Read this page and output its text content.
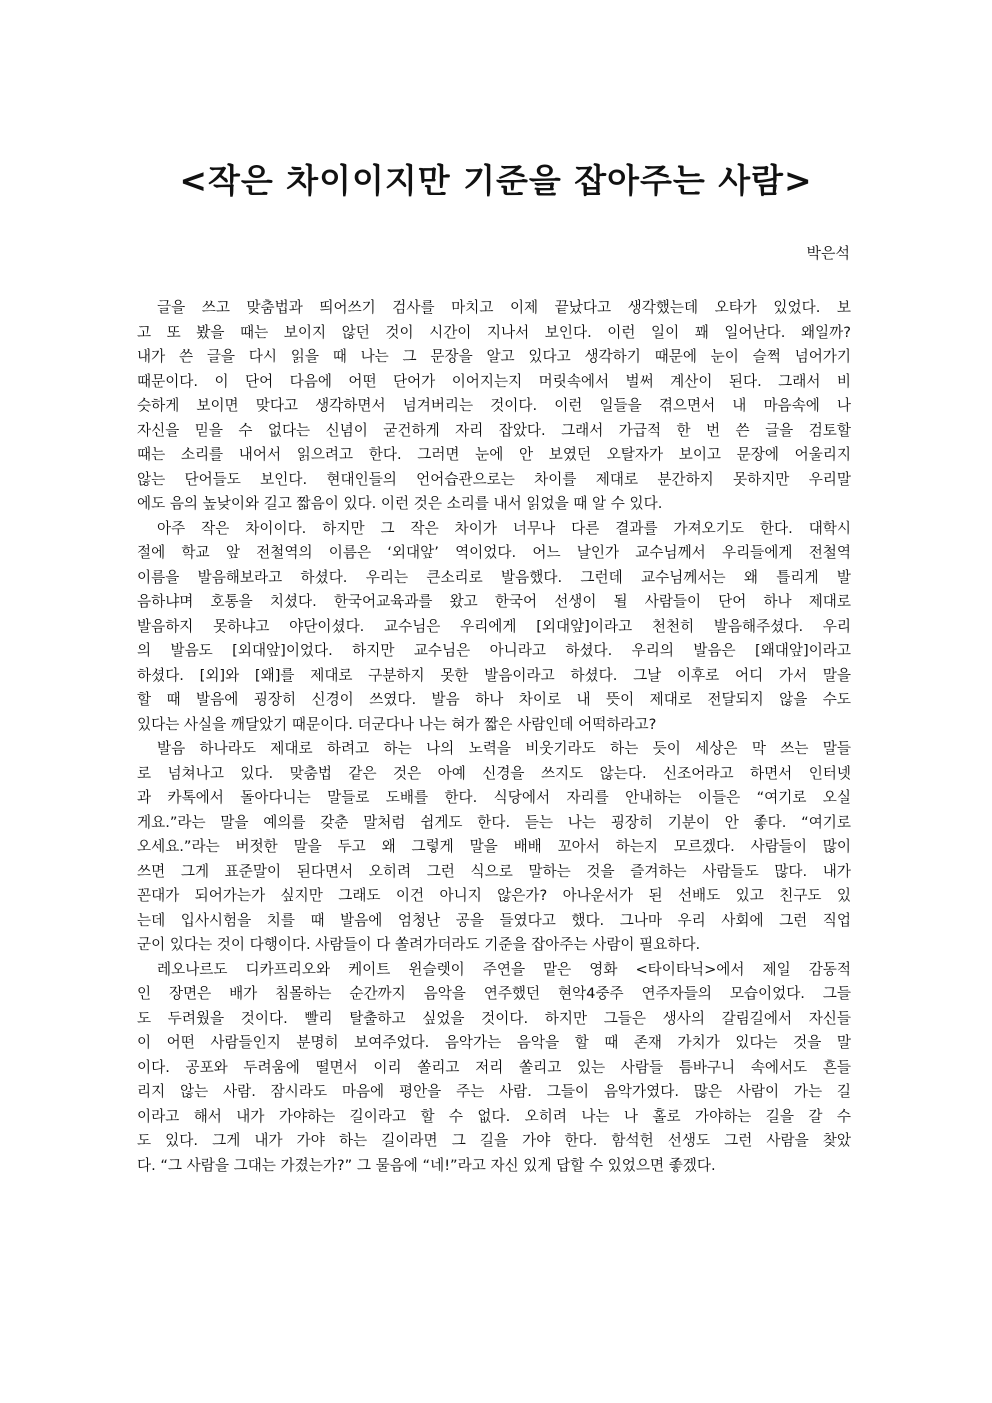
<작은 차이이지만 기준을 잡아주는 사람>
박은석
글을 쓰고 맞춤법과 띄어쓰기 검사를 마치고 이제 끝났다고 생각했는데 오타가 있었다. 보
고 또 봤을 때는 보이지 않던 것이 시간이 지나서 보인다. 이런 일이 꽤 일어난다. 왜일까?
내가 쓴 글을 다시 읽을 때 나는 그 문장을 알고 있다고 생각하기 때문에 눈이 슬쩍 넘어가기
때문이다. 이 단어 다음에 어떤 단어가 이어지는지 머릿속에서 벌써 계산이 된다. 그래서 비
슷하게 보이면 맞다고 생각하면서 넘겨버리는 것이다. 이런 일들을 겪으면서 내 마음속에 나
자신을 믿을 수 없다는 신념이 굳건하게 자리 잡았다. 그래서 가급적 한 번 쓴 글을 검토할
때는 소리를 내어서 읽으려고 한다. 그러면 눈에 안 보였던 오탈자가 보이고 문장에 어울리지
않는 단어들도 보인다. 현대인들의 언어습관으로는 차이를 제대로 분간하지 못하지만 우리말
에도 음의 높낮이와 길고 짧음이 있다. 이런 것은 소리를 내서 읽었을 때 알 수 있다.
아주 작은 차이이다. 하지만 그 작은 차이가 너무나 다른 결과를 가져오기도 한다. 대학시
절에 학교 앞 전철역의 이름은 ‘외대앞’ 역이었다. 어느 날인가 교수님께서 우리들에게 전철역
이름을 발음해보라고 하셨다. 우리는 큰소리로 발음했다. 그런데 교수님께서는 왜 틀리게 발
음하냐며 호통을 치셨다. 한국어교육과를 왔고 한국어 선생이 될 사람들이 단어 하나 제대로
발음하지 못하냐고 야단이셨다. 교수님은 우리에게 [외대앞]이라고 천천히 발음해주셨다. 우리
의 발음도 [외대앞]이었다. 하지만 교수님은 아니라고 하셨다. 우리의 발음은 [왜대앞]이라고
하셨다. [외]와 [왜]를 제대로 구분하지 못한 발음이라고 하셨다. 그날 이후로 어디 가서 말을
할 때 발음에 굉장히 신경이 쓰였다. 발음 하나 차이로 내 뜻이 제대로 전달되지 않을 수도
있다는 사실을 깨달았기 때문이다. 더군다나 나는 혀가 짧은 사람인데 어떡하라고?
발음 하나라도 제대로 하려고 하는 나의 노력을 비웃기라도 하는 듯이 세상은 막 쓰는 말들
로 넘쳐나고 있다. 맞춤법 같은 것은 아예 신경을 쓰지도 않는다. 신조어라고 하면서 인터넷
과 카톡에서 돌아다니는 말들로 도배를 한다. 식당에서 자리를 안내하는 이들은 “여기로 오실
게요.”라는 말을 예의를 갖춘 말처럼 쉽게도 한다. 듣는 나는 굉장히 기분이 안 좋다. “여기로
오세요.”라는 버젓한 말을 두고 왜 그렇게 말을 배배 꼬아서 하는지 모르겠다. 사람들이 많이
쓰면 그게 표준말이 된다면서 오히려 그런 식으로 말하는 것을 즐겨하는 사람들도 많다. 내가
꼰대가 되어가는가 싶지만 그래도 이건 아니지 않은가? 아나운서가 된 선배도 있고 친구도 있
는데 입사시험을 치를 때 발음에 엄청난 공을 들였다고 했다. 그나마 우리 사회에 그런 직업
군이 있다는 것이 다행이다. 사람들이 다 쏠려가더라도 기준을 잡아주는 사람이 필요하다.
레오나르도 디카프리오와 케이트 윈슬렛이 주연을 맡은 영화 <타이타닉>에서 제일 감동적
인 장면은 배가 침몰하는 순간까지 음악을 연주했던 현악4중주 연주자들의 모습이었다. 그들
도 두려웠을 것이다. 빨리 탈출하고 싶었을 것이다. 하지만 그들은 생사의 갈림길에서 자신들
이 어떤 사람들인지 분명히 보여주었다. 음악가는 음악을 할 때 존재 가치가 있다는 것을 말
이다. 공포와 두려움에 떨면서 이리 쏠리고 저리 쏠리고 있는 사람들 틈바구니 속에서도 흔들
리지 않는 사람. 잠시라도 마음에 평안을 주는 사람. 그들이 음악가였다. 많은 사람이 가는 길
이라고 해서 내가 가야하는 길이라고 할 수 없다. 오히려 나는 나 홀로 가야하는 길을 갈 수
도 있다. 그게 내가 가야 하는 길이라면 그 길을 가야 한다. 함석헌 선생도 그런 사람을 찾았
다. “그 사람을 그대는 가졌는가?” 그 물음에 “네!”라고 자신 있게 답할 수 있었으면 좋겠다.
